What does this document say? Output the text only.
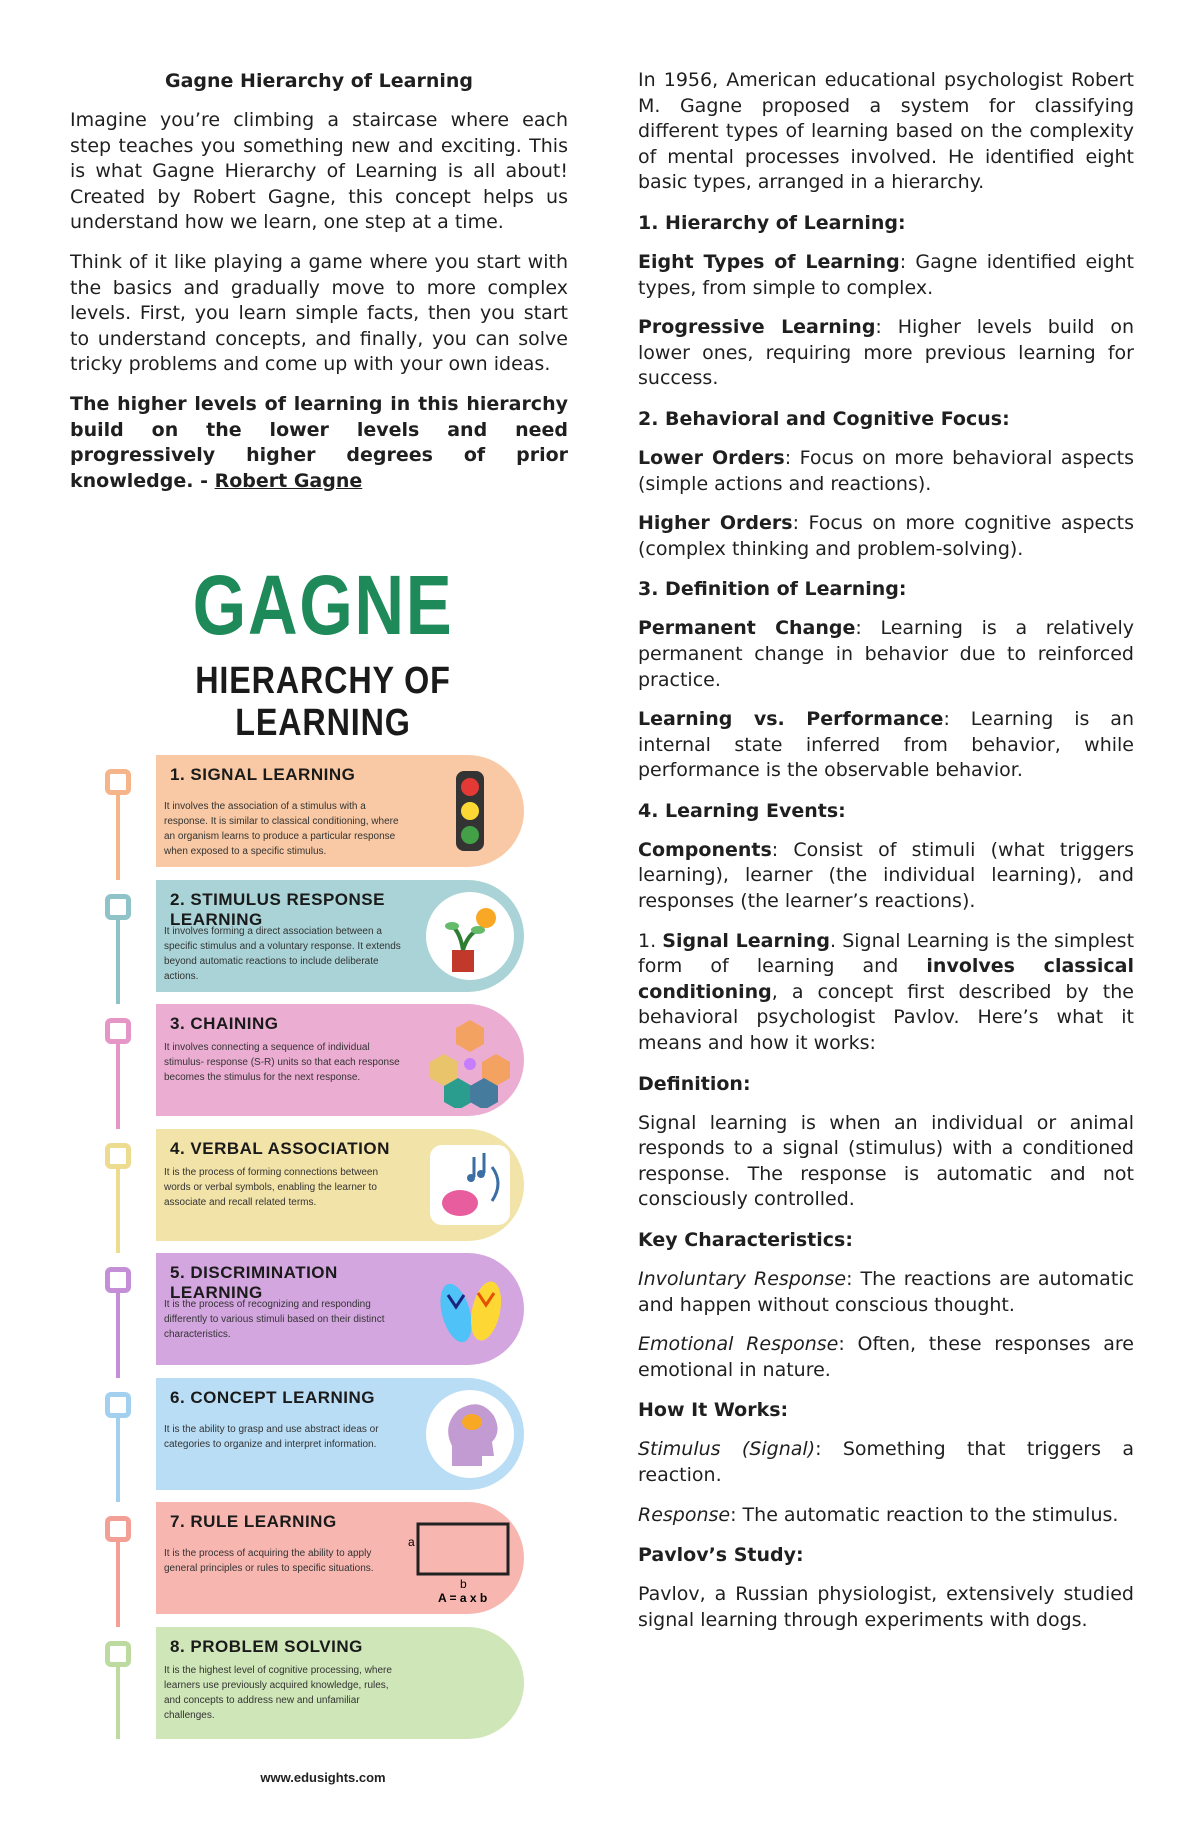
Gagne Hierarchy of Learning

Imagine you’re climbing a staircase where each step teaches you something new and exciting. This is what Gagne Hierarchy of Learning is all about! Created by Robert Gagne, this concept helps us understand how we learn, one step at a time.

Think of it like playing a game where you start with the basics and gradually move to more complex levels. First, you learn simple facts, then you start to understand concepts, and finally, you can solve tricky problems and come up with your own ideas.

The higher levels of learning in this hierarchy build on the lower levels and need progressively higher degrees of prior knowledge. - Robert Gagne

GAGNE
HIERARCHY OF LEARNING
1. SIGNAL LEARNING
It involves the association of a stimulus with a response. It is similar to classical conditioning, where an organism learns to produce a particular response when exposed to a specific stimulus.
2. STIMULUS RESPONSE LEARNING
It involves forming a direct association between a specific stimulus and a voluntary response. It extends beyond automatic reactions to include deliberate actions.
3. CHAINING
It involves connecting a sequence of individual stimulus- response (S-R) units so that each response becomes the stimulus for the next response.
4. VERBAL ASSOCIATION
It is the process of forming connections between words or verbal symbols, enabling the learner to associate and recall related terms.
5. DISCRIMINATION LEARNING
It is the process of recognizing and responding differently to various stimuli based on their distinct characteristics.
6. CONCEPT LEARNING
It is the ability to grasp and use abstract ideas or categories to organize and interpret information.
7. RULE LEARNING
It is the process of acquiring the ability to apply general principles or rules to specific situations.
a
b
A = a x b
8. PROBLEM SOLVING
It is the highest level of cognitive processing, where learners use previously acquired knowledge, rules, and concepts to address new and unfamiliar challenges.
www.edusights.com

In 1956, American educational psychologist Robert M. Gagne proposed a system for classifying different types of learning based on the complexity of mental processes involved. He identified eight basic types, arranged in a hierarchy.

1. Hierarchy of Learning:

Eight Types of Learning: Gagne identified eight types, from simple to complex.

Progressive Learning: Higher levels build on lower ones, requiring more previous learning for success.

2. Behavioral and Cognitive Focus:

Lower Orders: Focus on more behavioral aspects (simple actions and reactions).

Higher Orders: Focus on more cognitive aspects (complex thinking and problem-solving).

3. Definition of Learning:

Permanent Change: Learning is a relatively permanent change in behavior due to reinforced practice.

Learning vs. Performance: Learning is an internal state inferred from behavior, while performance is the observable behavior.

4. Learning Events:

Components: Consist of stimuli (what triggers learning), learner (the individual learning), and responses (the learner’s reactions).

1. Signal Learning. Signal Learning is the simplest form of learning and involves classical conditioning, a concept first described by the behavioral psychologist Pavlov. Here’s what it means and how it works:

Definition:

Signal learning is when an individual or animal responds to a signal (stimulus) with a conditioned response. The response is automatic and not consciously controlled.

Key Characteristics:

Involuntary Response: The reactions are automatic and happen without conscious thought.

Emotional Response: Often, these responses are emotional in nature.

How It Works:

Stimulus (Signal): Something that triggers a reaction.

Response: The automatic reaction to the stimulus.

Pavlov’s Study:

Pavlov, a Russian physiologist, extensively studied signal learning through experiments with dogs.
